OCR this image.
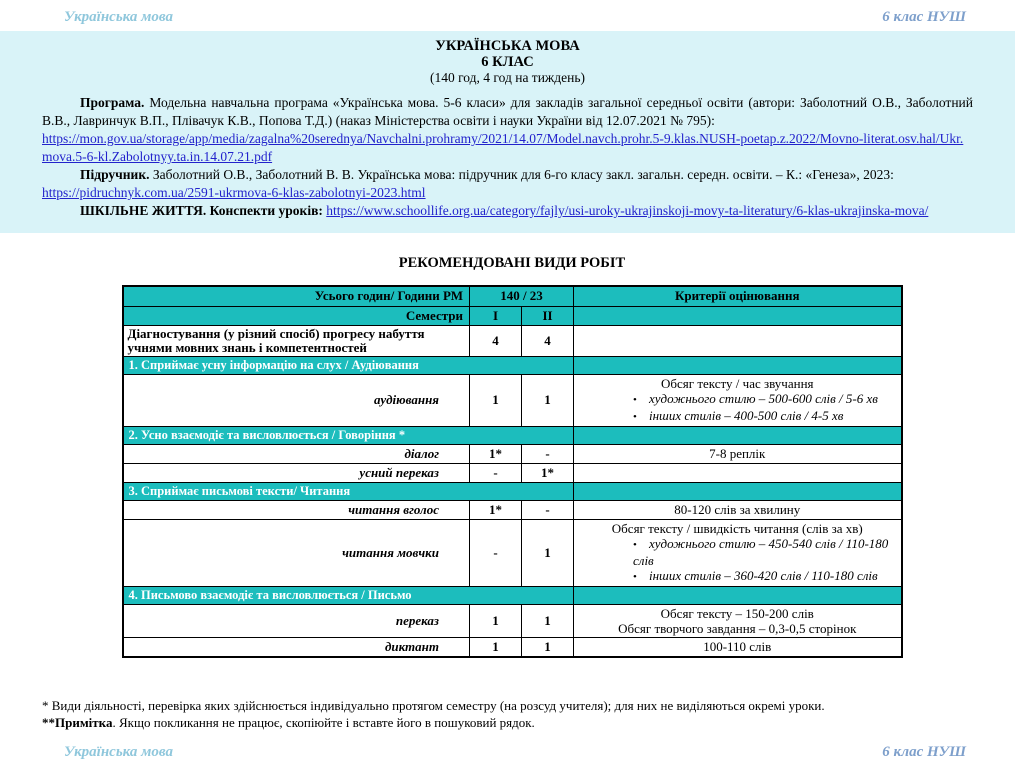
Українська мова	6 клас НУШ
УКРАЇНСЬКА МОВА
6 КЛАС
(140 год, 4 год на тиждень)

Програма. Модельна навчальна програма «Українська мова. 5-6 класи» для закладів загальної середньої освіти (автори: Заболотний О.В., Заболотний В.В., Лавринчук В.П., Плівачук К.В., Попова Т.Д.) (наказ Міністерства освіти і науки України від 12.07.2021 № 795):

https://mon.gov.ua/storage/app/media/zagalna%20serednya/Navchalni.prohramy/2021/14.07/Model.navch.prohr.5-9.klas.NUSH-poetap.z.2022/Movno-literat.osv.hal/Ukr.mova.5-6-kl.Zabolotnyy.ta.in.14.07.21.pdf

Підручник. Заболотний О.В., Заболотний В. В. Українська мова: підручник для 6-го класу закл. загальн. середн. освіти. – К.: «Генеза», 2023:

https://pidruchnyk.com.ua/2591-ukrmova-6-klas-zabolotnyi-2023.html

ШКІЛЬНЕ ЖИТТЯ. Конспекти уроків: https://www.schoollife.org.ua/category/fajly/usi-uroky-ukrajinskoji-movy-ta-literatury/6-klas-ukrajinska-mova/

РЕКОМЕНДОВАНІ ВИДИ РОБІТ
Усього годин/ Години РМ	140 / 23		Критерії оцінювання
Семестри	I	II	
Діагностування (у різний спосіб) прогресу набуття учнями мовних знань і компетентностей	4	4	
1. Сприймає усну інформацію на слух / Аудіювання			
аудіювання	1	1	Обсяг тексту / час звучання
• художнього стилю – 500-600 слів / 5-6 хв
• інших стилів – 400-500 слів / 4-5 хв

2. Усно взаємодіє та висловлюється / Говоріння *			
діалог	1*	-	7-8 реплік
усний переказ	-	1*	
3. Сприймає письмові тексти/ Читання			
читання вголос	1*	-	80-120 слів за хвилину
читання мовчки	-	1	Обсяг тексту / швидкість читання (слів за хв)
• художнього стилю – 450-540 слів / 110-180 слів
• інших стилів – 360-420 слів / 110-180 слів

4. Письмово взаємодіє та висловлюється / Письмо			
переказ	1	1	Обсяг тексту – 150-200 слів
Обсяг творчого завдання – 0,3-0,5 сторінок

диктант	1	1	100-110 слів
* Види діяльності, перевірка яких здійснюється індивідуально протягом семестру (на розсуд учителя); для них не виділяються окремі уроки.
**Примітка. Якщо покликання не працює, скопіюйте і вставте його в пошуковий рядок.
Українська мова	6 клас НУШ
